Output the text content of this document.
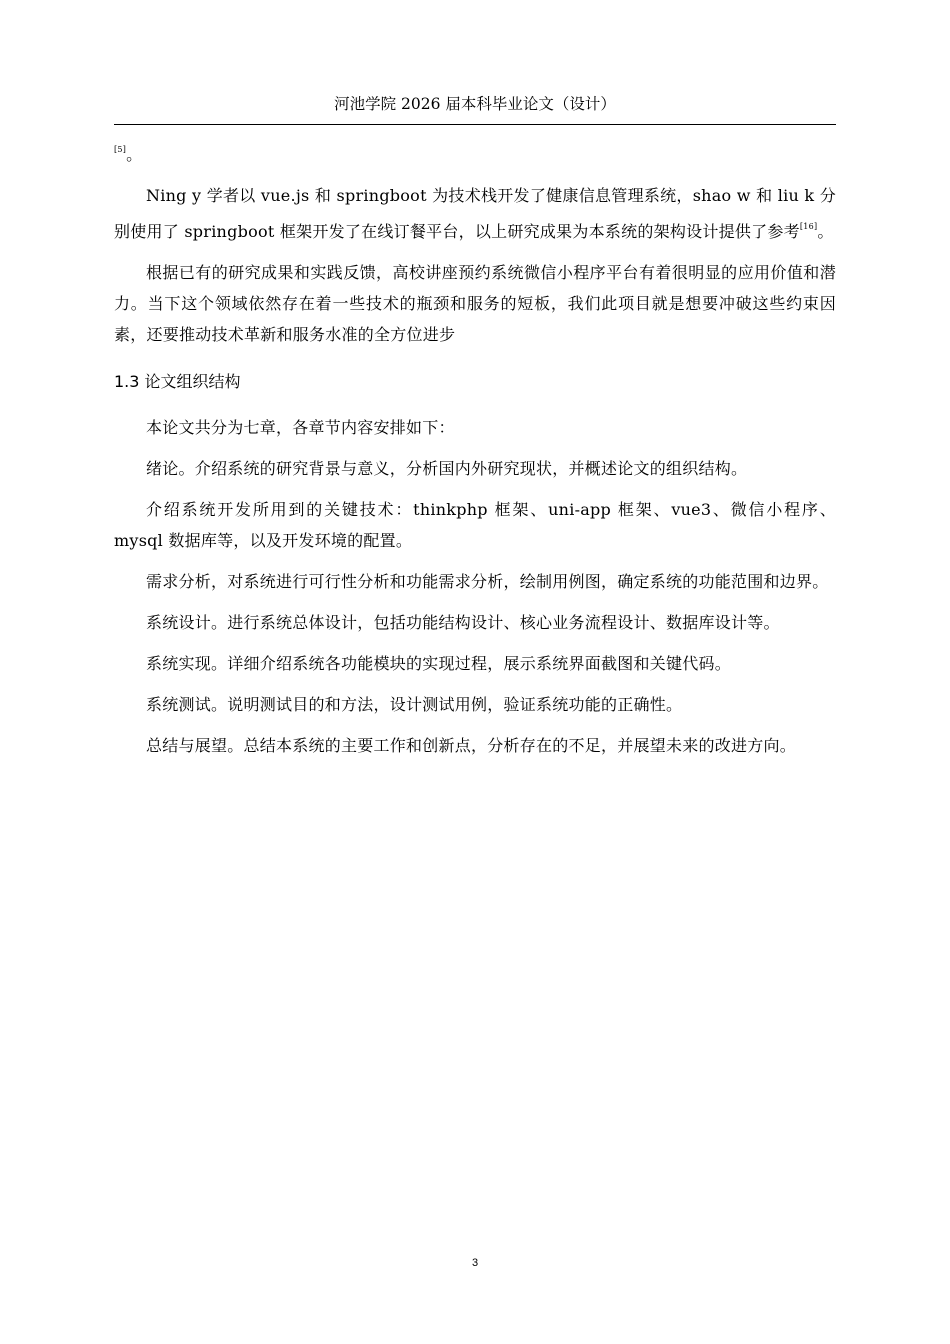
河池学院 2026 届本科毕业论文（设计）

[5]。

Ning y 学者以 vue.js 和 springboot 为技术栈开发了健康信息管理系统，shao w 和 liu k 分别使用了 springboot 框架开发了在线订餐平台，以上研究成果为本系统的架构设计提供了参考[16]。

根据已有的研究成果和实践反馈，高校讲座预约系统微信小程序平台有着很明显的应用价值和潜力。当下这个领域依然存在着一些技术的瓶颈和服务的短板，我们此项目就是想要冲破这些约束因素，还要推动技术革新和服务水准的全方位进步

1.3 论文组织结构

本论文共分为七章，各章节内容安排如下：

绪论。介绍系统的研究背景与意义，分析国内外研究现状，并概述论文的组织结构。

介绍系统开发所用到的关键技术：thinkphp 框架、uni-app 框架、vue3、微信小程序、mysql 数据库等，以及开发环境的配置。

需求分析，对系统进行可行性分析和功能需求分析，绘制用例图，确定系统的功能范围和边界。

系统设计。进行系统总体设计，包括功能结构设计、核心业务流程设计、数据库设计等。

系统实现。详细介绍系统各功能模块的实现过程，展示系统界面截图和关键代码。

系统测试。说明测试目的和方法，设计测试用例，验证系统功能的正确性。

总结与展望。总结本系统的主要工作和创新点，分析存在的不足，并展望未来的改进方向。

3
